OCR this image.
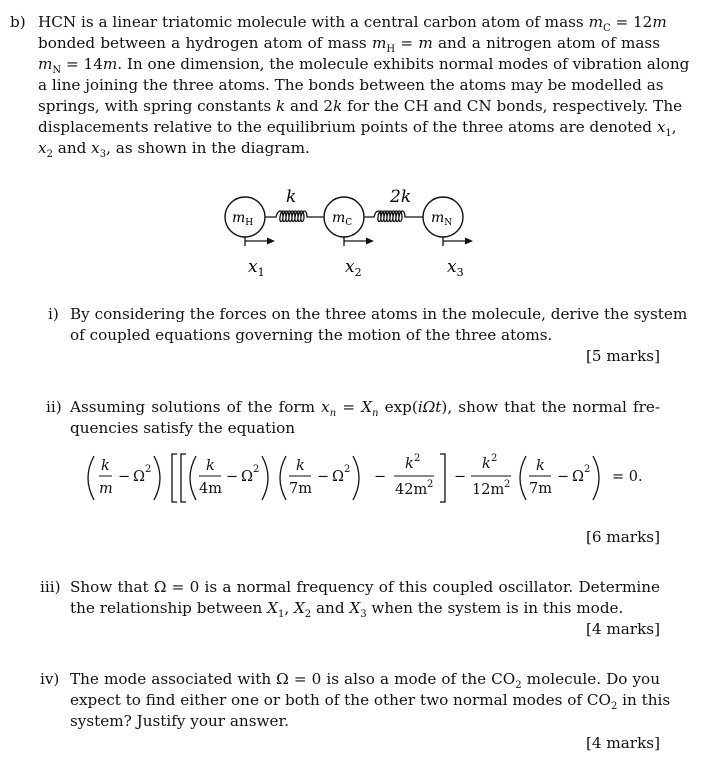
b) HCN is a linear triatomic molecule with a central carbon atom of mass $m_C = 12m$
bonded between a hydrogen atom of mass $m_H = m$ and a nitrogen atom of mass
$m_N = 14m$. In one dimension, the molecule exhibits normal modes of vibration along
a line joining the three atoms. The bonds between the atoms may be modelled as
springs, with spring constants k and 2k for the CH and CN bonds, respectively. The
displacements relative to the equilibrium points of the three atoms are denoted $x_1$,
$x_2$ and $x_3$, as shown in the diagram.
k	2k
$m_H$	$m_C$	$m_N$
$x_1$	$x_2$	$x_3$
i) By considering the forces on the three atoms in the molecule, derive the system
of coupled equations governing the motion of the three atoms.
[5 marks]
ii) Assuming solutions of the form $x_n = X_n$ exp(iΩt), show that the normal fre-
quencies satisfy the equation
k
m
− Ω 2	k
4m
− Ω 2	k
7m
− Ω 2 −
k 2
42m 2 −
k 2
12m 2
k
7m
− Ω 2 = 0.
[6 marks]
iii) Show that Ω = 0 is a normal frequency of this coupled oscillator. Determine
the relationship between $X_1$, $X_2$ and $X_3$ when the system is in this mode.
[4 marks]
iv) The mode associated with Ω = 0 is also a mode of the $CO_2$ molecule. Do you
expect to find either one or both of the other two normal modes of $CO_2$ in this
system? Justify your answer.
[4 marks]
